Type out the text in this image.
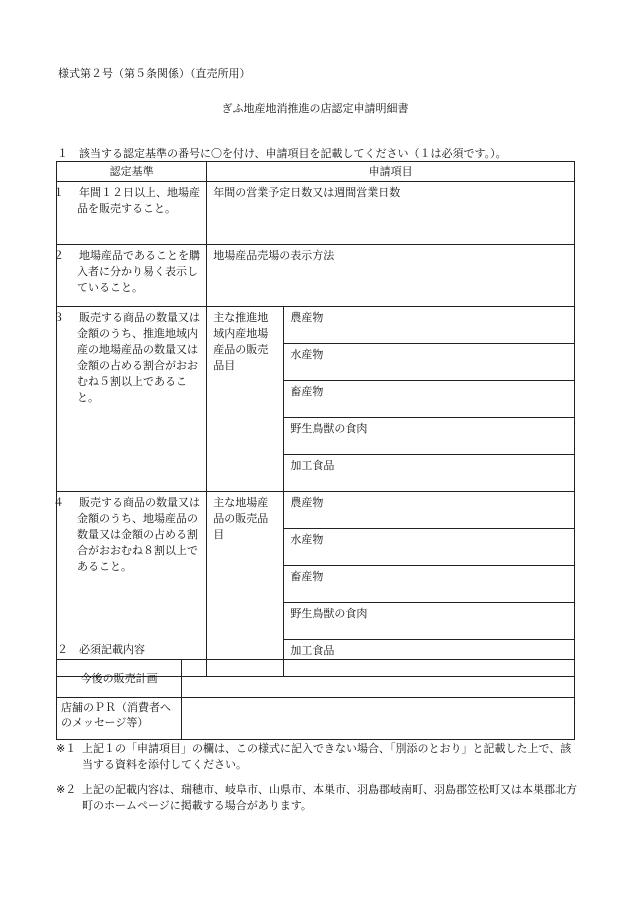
様式第２号（第５条関係）（直売所用）
ぎふ地産地消推進の店認定申請明細書
１　該当する認定基準の番号に〇を付け、申請項目を記載してください（１は必須です。）。
認定基準	申請項目	

１ 年間１２日以上、地場産品を販売すること。	年間の営業予定日数又は週間営業日数	

２ 地場産品であることを購入者に分かり易く表示していること。	地場産品売場の表示方法	

３ 販売する商品の数量又は金額のうち、推進地域内産の地場産品の数量又は金額の占める割合がおおむね５割以上であること。	主な推進地域内産地場産品の販売品目	農産物
		水産物
		畜産物
		野生鳥獣の食肉
		加工食品

４ 販売する商品の数量又は金額のうち、地場産品の数量又は金額の占める割合がおおむね８割以上であること。	主な地場産品の販売品目	農産物
		水産物
		畜産物
		野生鳥獣の食肉
		加工食品
２　必須記載内容
今後の販売計画	
店舗のＰＲ（消費者へのメッセージ等）	
※１ 上記１の「申請項目」の欄は、この様式に記入できない場合、「別添のとおり」と記載した上で、該当する資料を添付してください。
※２ 上記の記載内容は、瑞穂市、岐阜市、山県市、本巣市、羽島郡岐南町、羽島郡笠松町又は本巣郡北方町のホームページに掲載する場合があります。
